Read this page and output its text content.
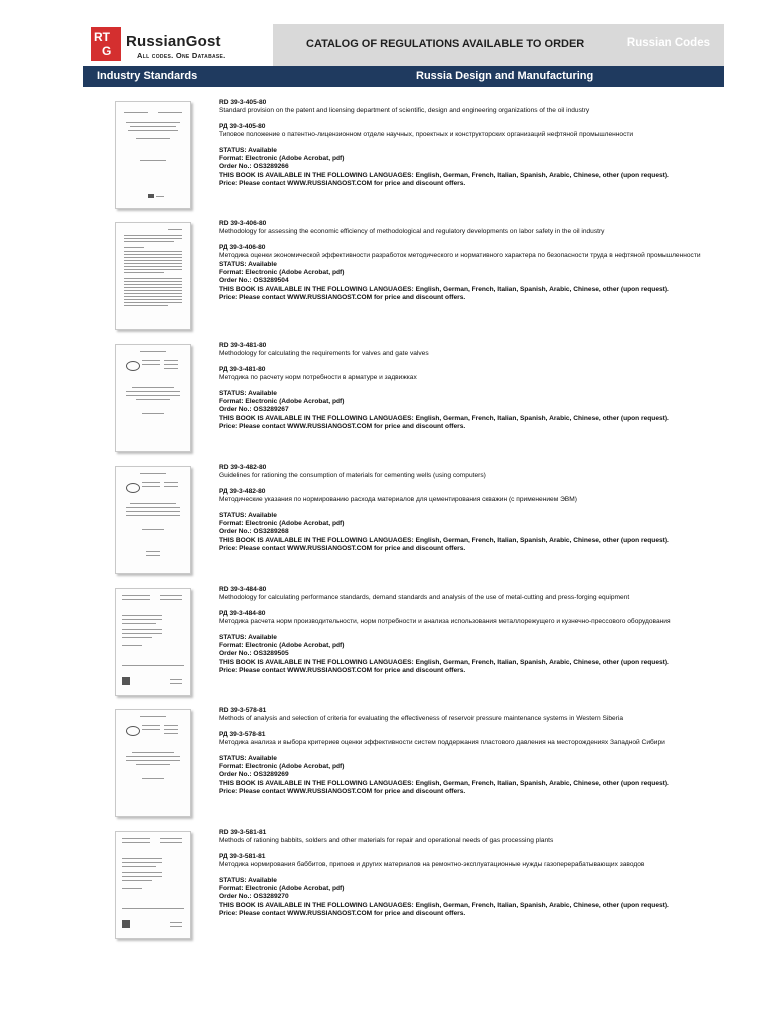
RT
G
RussianGost
All codes. One Database.
CATALOG OF REGULATIONS AVAILABLE TO ORDER	Russian Codes
Industry Standards	Russia Design and Manufacturing
RD 39-3-405-80
Standard provision on the patent and licensing department of scientific, design and engineering organizations of the oil industry
РД 39-3-405-80
Типовое положение о патентно-лицензионном отделе научных, проектных и конструкторских организаций нефтяной промышленности
STATUS: Available
Format: Electronic (Adobe Acrobat, pdf)
Order No.: OS3289266
THIS BOOK IS AVAILABLE IN THE FOLLOWING LANGUAGES: English, German, French, Italian, Spanish, Arabic, Chinese, other (upon request).
Price: Please contact WWW.RUSSIANGOST.COM for price and discount offers.
RD 39-3-406-80
Methodology for assessing the economic efficiency of methodological and regulatory developments on labor safety in the oil industry
РД 39-3-406-80
Методика оценки экономической эффективности разработок методического и нормативного характера по безопасности труда в нефтяной промышленности
STATUS: Available
Format: Electronic (Adobe Acrobat, pdf)
Order No.: OS3289504
THIS BOOK IS AVAILABLE IN THE FOLLOWING LANGUAGES: English, German, French, Italian, Spanish, Arabic, Chinese, other (upon request).
Price: Please contact WWW.RUSSIANGOST.COM for price and discount offers.
RD 39-3-481-80
Methodology for calculating the requirements for valves and gate valves
РД 39-3-481-80
Методика по расчету норм потребности в арматуре и задвижках
STATUS: Available
Format: Electronic (Adobe Acrobat, pdf)
Order No.: OS3289267
THIS BOOK IS AVAILABLE IN THE FOLLOWING LANGUAGES: English, German, French, Italian, Spanish, Arabic, Chinese, other (upon request).
Price: Please contact WWW.RUSSIANGOST.COM for price and discount offers.
RD 39-3-482-80
Guidelines for rationing the consumption of materials for cementing wells (using computers)
РД 39-3-482-80
Методические указания по нормированию расхода материалов для цементирования скважин (с применением ЭВМ)
STATUS: Available
Format: Electronic (Adobe Acrobat, pdf)
Order No.: OS3289268
THIS BOOK IS AVAILABLE IN THE FOLLOWING LANGUAGES: English, German, French, Italian, Spanish, Arabic, Chinese, other (upon request).
Price: Please contact WWW.RUSSIANGOST.COM for price and discount offers.
RD 39-3-484-80
Methodology for calculating performance standards, demand standards and analysis of the use of metal-cutting and press-forging equipment
РД 39-3-484-80
Методика расчета норм производительности, норм потребности и анализа использования металлорежущего и кузнечно-прессового оборудования
STATUS: Available
Format: Electronic (Adobe Acrobat, pdf)
Order No.: OS3289505
THIS BOOK IS AVAILABLE IN THE FOLLOWING LANGUAGES: English, German, French, Italian, Spanish, Arabic, Chinese, other (upon request).
Price: Please contact WWW.RUSSIANGOST.COM for price and discount offers.
RD 39-3-578-81
Methods of analysis and selection of criteria for evaluating the effectiveness of reservoir pressure maintenance systems in Western Siberia
РД 39-3-578-81
Методика анализа и выбора критериев оценки эффективности систем поддержания пластового давления на месторождениях Западной Сибири
STATUS: Available
Format: Electronic (Adobe Acrobat, pdf)
Order No.: OS3289269
THIS BOOK IS AVAILABLE IN THE FOLLOWING LANGUAGES: English, German, French, Italian, Spanish, Arabic, Chinese, other (upon request).
Price: Please contact WWW.RUSSIANGOST.COM for price and discount offers.
RD 39-3-581-81
Methods of rationing babbits, solders and other materials for repair and operational needs of gas processing plants
РД 39-3-581-81
Методика нормирования баббитов, припоев и других материалов на ремонтно-эксплуатационные нужды газоперерабатывающих заводов
STATUS: Available
Format: Electronic (Adobe Acrobat, pdf)
Order No.: OS3289270
THIS BOOK IS AVAILABLE IN THE FOLLOWING LANGUAGES: English, German, French, Italian, Spanish, Arabic, Chinese, other (upon request).
Price: Please contact WWW.RUSSIANGOST.COM for price and discount offers.
